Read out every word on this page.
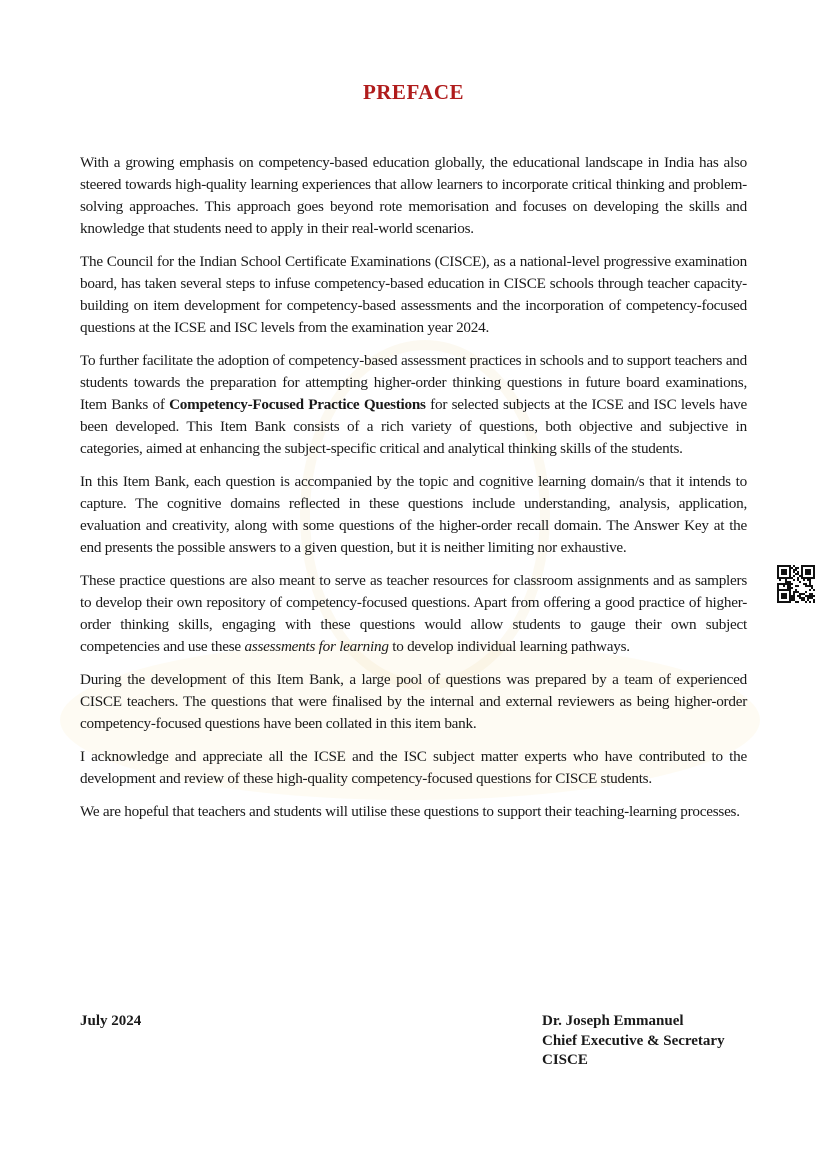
PREFACE

With a growing emphasis on competency-based education globally, the educational landscape in India has also steered towards high-quality learning experiences that allow learners to incorporate critical thinking and problem-solving approaches. This approach goes beyond rote memorisation and focuses on developing the skills and knowledge that students need to apply in their real-world scenarios.

The Council for the Indian School Certificate Examinations (CISCE), as a national-level progressive examination board, has taken several steps to infuse competency-based education in CISCE schools through teacher capacity-building on item development for competency-based assessments and the incorporation of competency-focused questions at the ICSE and ISC levels from the examination year 2024.

To further facilitate the adoption of competency-based assessment practices in schools and to support teachers and students towards the preparation for attempting higher-order thinking questions in future board examinations, Item Banks of Competency-Focused Practice Questions for selected subjects at the ICSE and ISC levels have been developed. This Item Bank consists of a rich variety of questions, both objective and subjective in categories, aimed at enhancing the subject-specific critical and analytical thinking skills of the students.

In this Item Bank, each question is accompanied by the topic and cognitive learning domain/s that it intends to capture. The cognitive domains reflected in these questions include understanding, analysis, application, evaluation and creativity, along with some questions of the higher-order recall domain. The Answer Key at the end presents the possible answers to a given question, but it is neither limiting nor exhaustive.

These practice questions are also meant to serve as teacher resources for classroom assignments and as samplers to develop their own repository of competency-focused questions. Apart from offering a good practice of higher-order thinking skills, engaging with these questions would allow students to gauge their own subject competencies and use these assessments for learning to develop individual learning pathways.

During the development of this Item Bank, a large pool of questions was prepared by a team of experienced CISCE teachers. The questions that were finalised by the internal and external reviewers as being higher-order competency-focused questions have been collated in this item bank.

I acknowledge and appreciate all the ICSE and the ISC subject matter experts who have contributed to the development and review of these high-quality competency-focused questions for CISCE students.

We are hopeful that teachers and students will utilise these questions to support their teaching-learning processes.

July 2024	Dr. Joseph Emmanuel
Chief Executive & Secretary
CISCE
